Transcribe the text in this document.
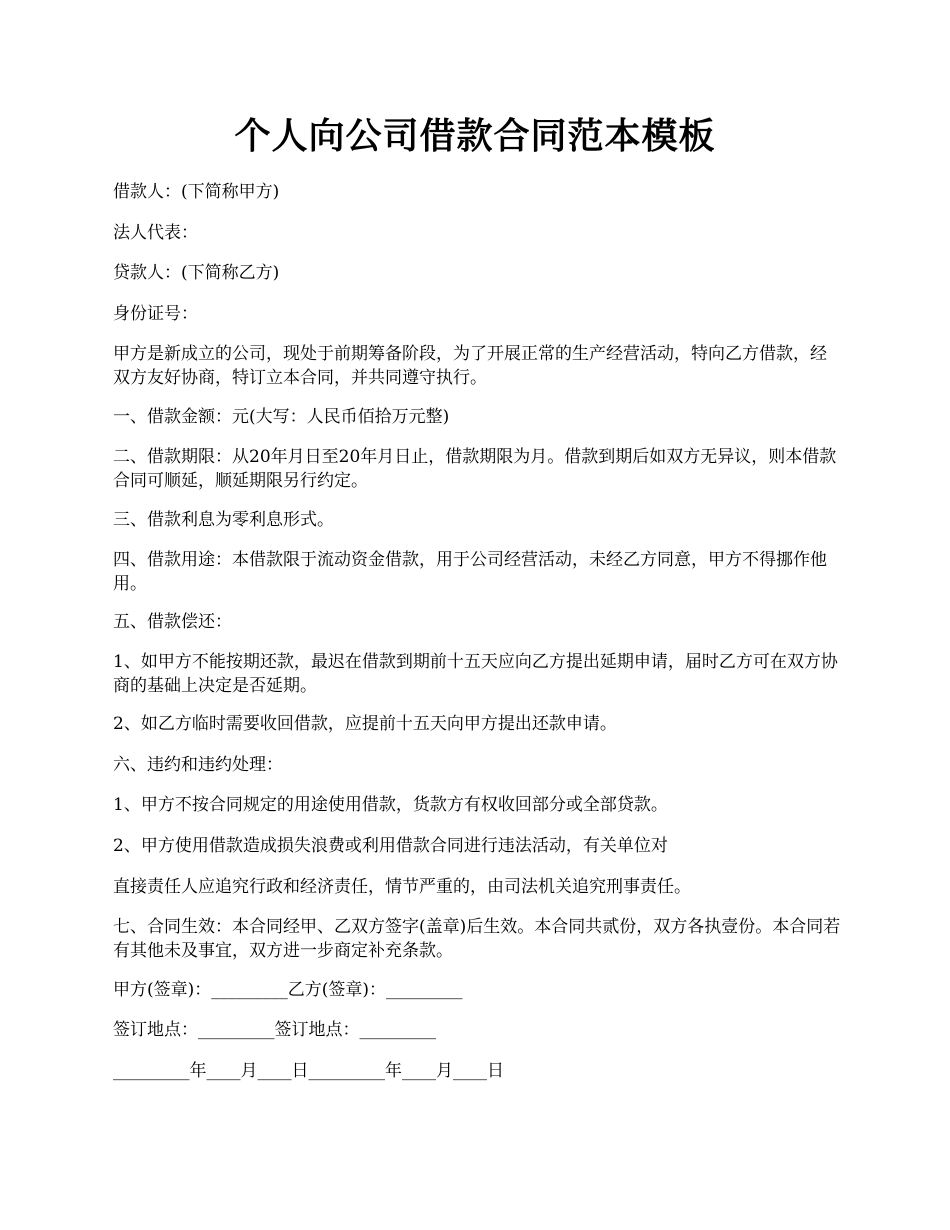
个人向公司借款合同范本模板

借款人：(下简称甲方)

法人代表：

贷款人：(下简称乙方)

身份证号：

甲方是新成立的公司，现处于前期筹备阶段，为了开展正常的生产经营活动，特向乙方借款，经双方友好协商，特订立本合同，并共同遵守执行。

一、借款金额：元(大写：人民币佰拾万元整)

二、借款期限：从20年月日至20年月日止，借款期限为月。借款到期后如双方无异议，则本借款合同可顺延，顺延期限另行约定。

三、借款利息为零利息形式。

四、借款用途：本借款限于流动资金借款，用于公司经营活动，未经乙方同意，甲方不得挪作他用。

五、借款偿还：

1、如甲方不能按期还款，最迟在借款到期前十五天应向乙方提出延期申请，届时乙方可在双方协商的基础上决定是否延期。

2、如乙方临时需要收回借款，应提前十五天向甲方提出还款申请。

六、违约和违约处理：

1、甲方不按合同规定的用途使用借款，货款方有权收回部分或全部贷款。

2、甲方使用借款造成损失浪费或利用借款合同进行违法活动，有关单位对

直接责任人应追究行政和经济责任，情节严重的，由司法机关追究刑事责任。

七、合同生效：本合同经甲、乙双方签字(盖章)后生效。本合同共贰份，双方各执壹份。本合同若有其他未及事宜，双方进一步商定补充条款。

甲方(签章)：_________乙方(签章)：_________

签订地点：_________签订地点：_________

_________年____月____日_________年____月____日
